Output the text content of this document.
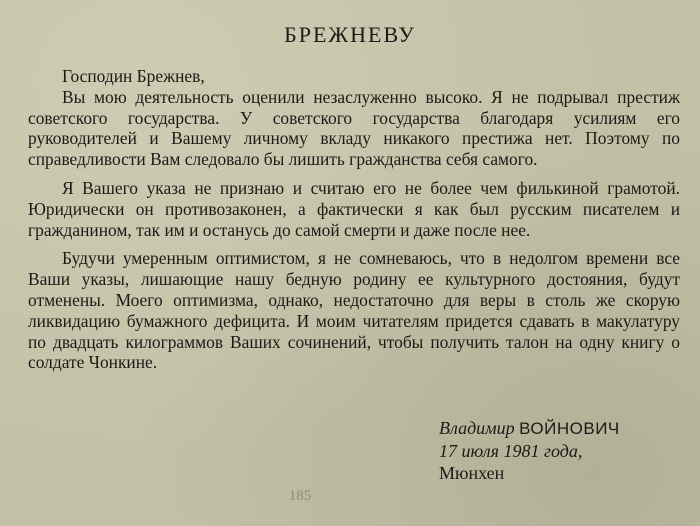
БРЕЖНЕВУ

Господин Брежнев,

Вы мою деятельность оценили незаслуженно высоко. Я не подрывал престиж советского государства. У советского государства благодаря усилиям его руководителей и Вашему личному вкладу никакого престижа нет. Поэтому по справедливости Вам следовало бы лишить гражданства себя самого.

Я Вашего указа не признаю и считаю его не более чем филькиной грамотой. Юридически он противозаконен, а фактически я как был русским писателем и гражданином, так им и останусь до самой смерти и даже после нее.

Будучи умеренным оптимистом, я не сомневаюсь, что в недолгом времени все Ваши указы, лишающие нашу бедную родину ее культурного достояния, будут отменены. Моего оптимизма, однако, недостаточно для веры в столь же скорую ликвидацию бумажного дефицита. И моим читателям придется сдавать в макулатуру по двадцать килограммов Ваших сочинений, чтобы получить талон на одну книгу о солдате Чонкине.

Владимир ВОЙНОВИЧ
17 июля 1981 года,
Мюнхен
185
